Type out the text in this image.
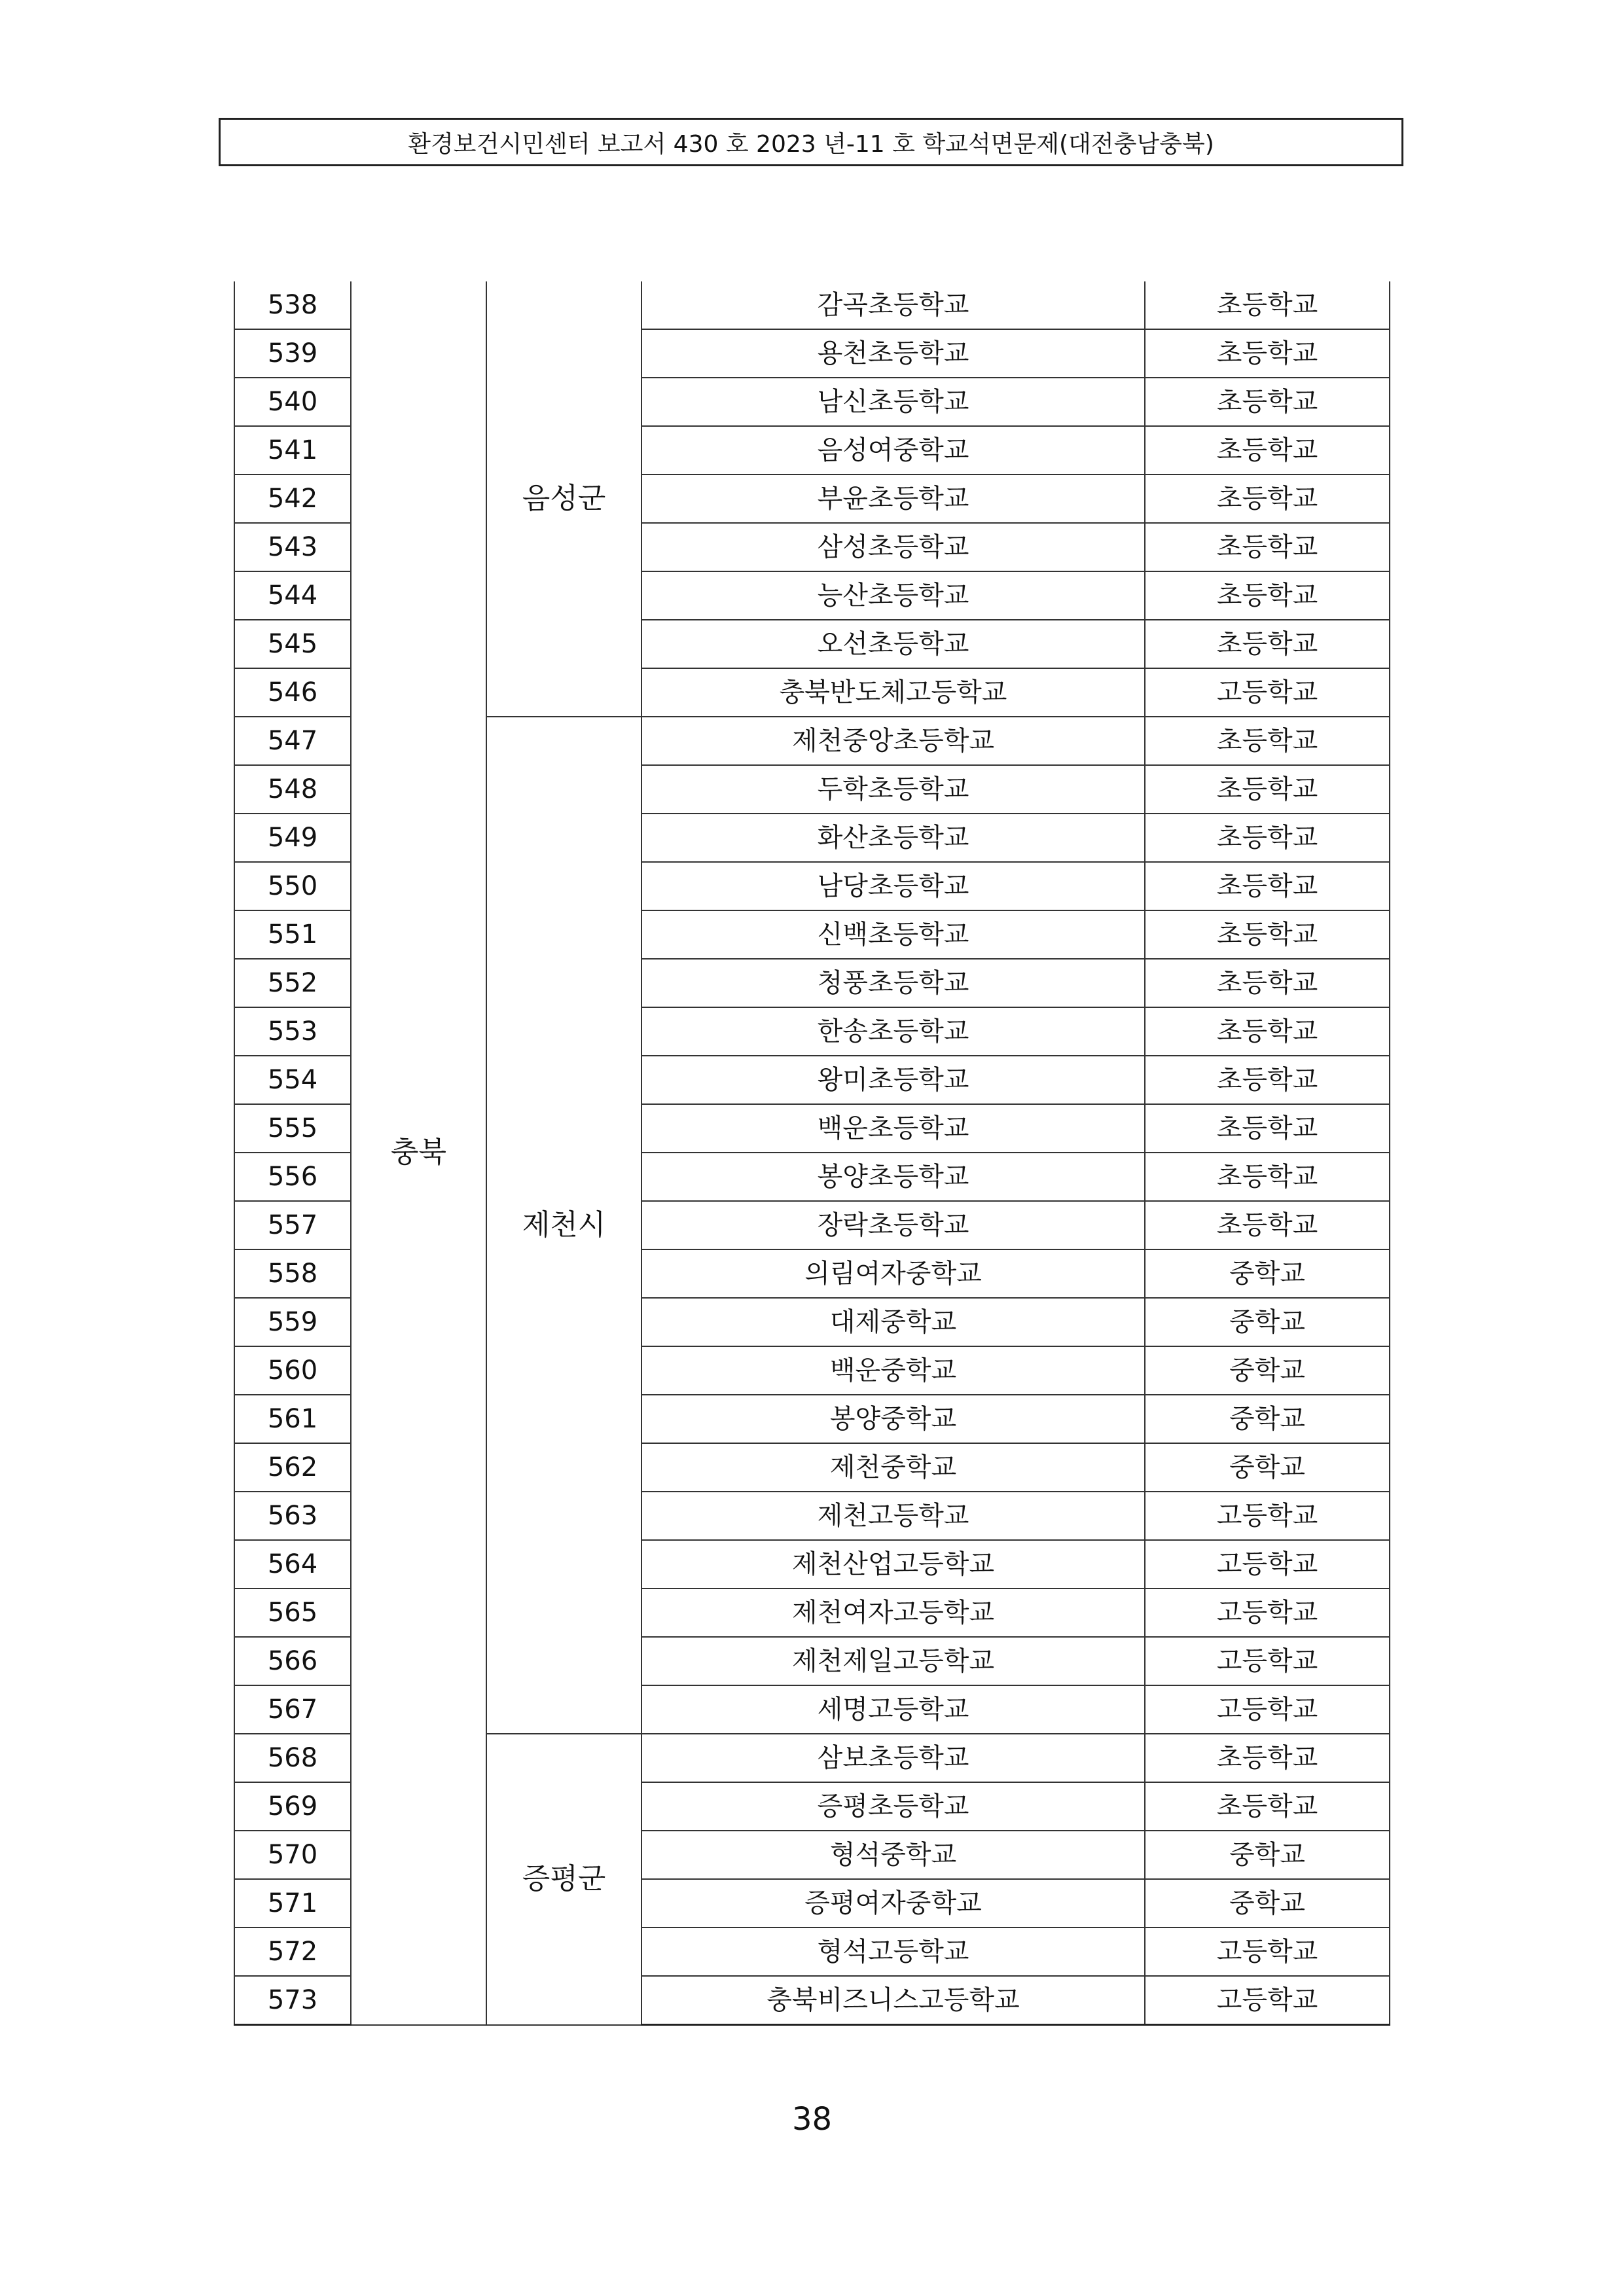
환경보건시민센터 보고서 430 호 2023 년-11 호 학교석면문제(대전충남충북)
538	충북	음성군	감곡초등학교	초등학교
539			용천초등학교	초등학교
540			남신초등학교	초등학교
541			음성여중학교	초등학교
542			부윤초등학교	초등학교
543			삼성초등학교	초등학교
544			능산초등학교	초등학교
545			오선초등학교	초등학교
546			충북반도체고등학교	고등학교
547		제천시	제천중앙초등학교	초등학교
548			두학초등학교	초등학교
549			화산초등학교	초등학교
550			남당초등학교	초등학교
551			신백초등학교	초등학교
552			청풍초등학교	초등학교
553			한송초등학교	초등학교
554			왕미초등학교	초등학교
555			백운초등학교	초등학교
556			봉양초등학교	초등학교
557			장락초등학교	초등학교
558			의림여자중학교	중학교
559			대제중학교	중학교
560			백운중학교	중학교
561			봉양중학교	중학교
562			제천중학교	중학교
563			제천고등학교	고등학교
564			제천산업고등학교	고등학교
565			제천여자고등학교	고등학교
566			제천제일고등학교	고등학교
567			세명고등학교	고등학교
568		증평군	삼보초등학교	초등학교
569			증평초등학교	초등학교
570			형석중학교	중학교
571			증평여자중학교	중학교
572			형석고등학교	고등학교
573			충북비즈니스고등학교	고등학교
38
